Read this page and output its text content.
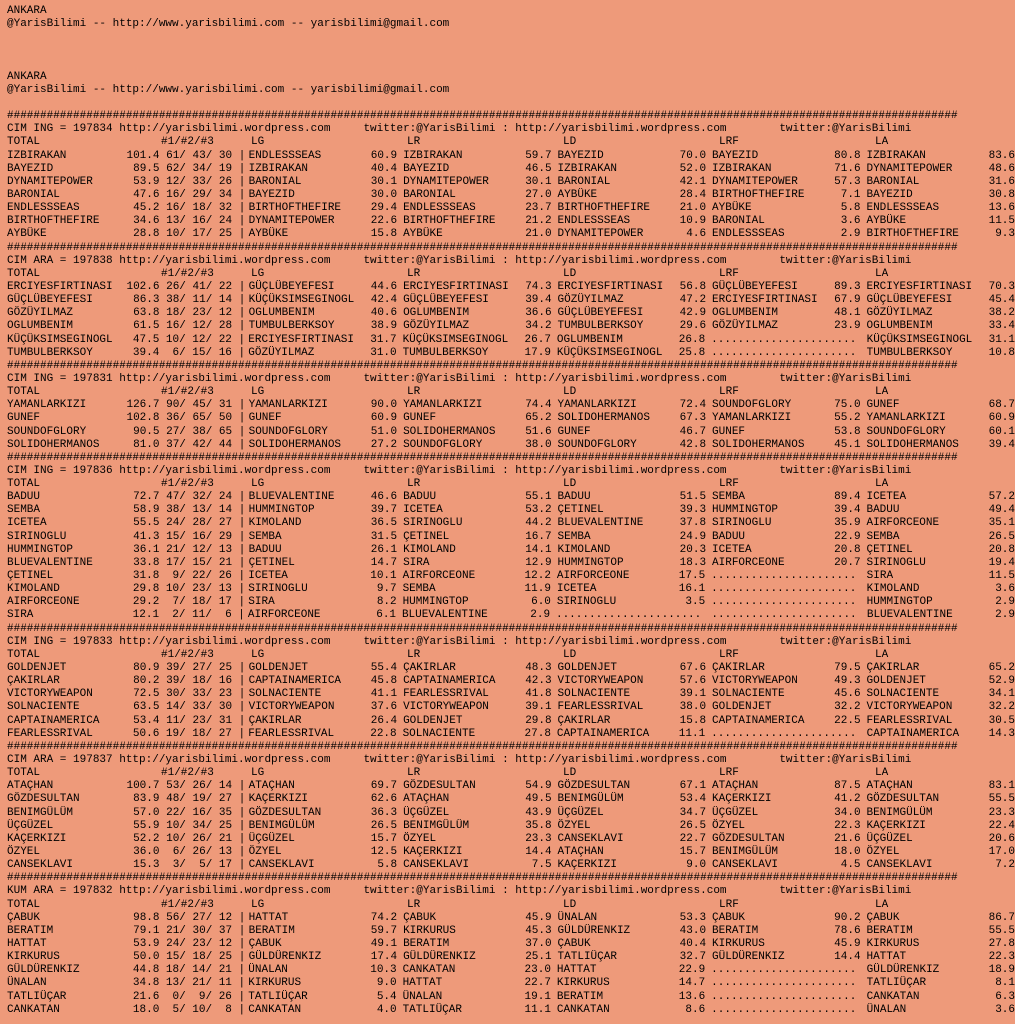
ANKARA
@YarisBilimi -- http://www.yarisbilimi.com -- yarisbilimi@gmail.com
ANKARA
@YarisBilimi -- http://www.yarisbilimi.com -- yarisbilimi@gmail.com
################################################################################################################################################
CIM ING = 197834 http://yarisbilimi.wordpress.com     twitter:@YarisBilimi : http://yarisbilimi.wordpress.com        twitter:@YarisBilimi
TOTAL	#1/#2/#3	LG	LR	LD	LRF	LA
IZBIRAKAN	101.4 61/ 43/ 30 | ENDLESSSEAS	60.9 IZBIRAKAN	59.7 BAYEZID	70.0 BAYEZID	80.8 IZBIRAKAN	83.6
BAYEZID	89.5 62/ 34/ 19 | IZBIRAKAN	40.4 BAYEZID	46.5 IZBIRAKAN	52.0 IZBIRAKAN	71.6 DYNAMITEPOWER	48.6
DYNAMITEPOWER	53.9 12/ 33/ 26 | BARONIAL	30.1 DYNAMITEPOWER	30.1 BARONIAL	42.1 DYNAMITEPOWER	57.3 BARONIAL	31.6
BARONIAL	47.6 16/ 29/ 34 | BAYEZID	30.0 BARONIAL	27.0 AYBÜKE	28.4 BIRTHOFTHEFIRE	7.1 BAYEZID	30.8
ENDLESSSEAS	45.2 16/ 18/ 32 | BIRTHOFTHEFIRE	29.4 ENDLESSSEAS	23.7 BIRTHOFTHEFIRE	21.0 AYBÜKE	5.8 ENDLESSSEAS	13.6
BIRTHOFTHEFIRE	34.6 13/ 16/ 24 | DYNAMITEPOWER	22.6 BIRTHOFTHEFIRE	21.2 ENDLESSSEAS	10.9 BARONIAL	3.6 AYBÜKE	11.5
AYBÜKE	28.8 10/ 17/ 25 | AYBÜKE	15.8 AYBÜKE	21.0 DYNAMITEPOWER	4.6 ENDLESSSEAS	2.9 BIRTHOFTHEFIRE	9.3
################################################################################################################################################
CIM ARA = 197838 http://yarisbilimi.wordpress.com     twitter:@YarisBilimi : http://yarisbilimi.wordpress.com        twitter:@YarisBilimi
TOTAL	#1/#2/#3	LG	LR	LD	LRF	LA
ERCIYESFIRTINASI	102.6 26/ 41/ 22 | GÜÇLÜBEYEFESI	44.6 ERCIYESFIRTINASI	74.3 ERCIYESFIRTINASI	56.8 GÜÇLÜBEYEFESI	89.3 ERCIYESFIRTINASI	70.3
GÜÇLÜBEYEFESI	86.3 38/ 11/ 14 | KÜÇÜKSIMSEGINOGL	42.4 GÜÇLÜBEYEFESI	39.4 GÖZÜYILMAZ	47.2 ERCIYESFIRTINASI	67.9 GÜÇLÜBEYEFESI	45.4
GÖZÜYILMAZ	63.8 18/ 23/ 12 | OGLUMBENIM	40.6 OGLUMBENIM	36.6 GÜÇLÜBEYEFESI	42.9 OGLUMBENIM	48.1 GÖZÜYILMAZ	38.2
OGLUMBENIM	61.5 16/ 12/ 28 | TUMBULBERKSOY	38.9 GÖZÜYILMAZ	34.2 TUMBULBERKSOY	29.6 GÖZÜYILMAZ	23.9 OGLUMBENIM	33.4
KÜÇÜKSIMSEGINOGL	47.5 10/ 12/ 22 | ERCIYESFIRTINASI	31.7 KÜÇÜKSIMSEGINOGL	26.7 OGLUMBENIM	26.8 ...................... KÜÇÜKSIMSEGINOGL	31.1
TUMBULBERKSOY	39.4 6/ 15/ 16 | GÖZÜYILMAZ	31.0 TUMBULBERKSOY	17.9 KÜÇÜKSIMSEGINOGL	25.8 ...................... TUMBULBERKSOY	10.8
################################################################################################################################################
CIM ING = 197831 http://yarisbilimi.wordpress.com     twitter:@YarisBilimi : http://yarisbilimi.wordpress.com        twitter:@YarisBilimi
TOTAL	#1/#2/#3	LG	LR	LD	LRF	LA
YAMANLARKIZI	126.7 90/ 45/ 31 | YAMANLARKIZI	90.0 YAMANLARKIZI	74.4 YAMANLARKIZI	72.4 SOUNDOFGLORY	75.0 GUNEF	68.7
GUNEF	102.8 36/ 65/ 50 | GUNEF	60.9 GUNEF	65.2 SOLIDOHERMANOS	67.3 YAMANLARKIZI	55.2 YAMANLARKIZI	60.9
SOUNDOFGLORY	90.5 27/ 38/ 65 | SOUNDOFGLORY	51.0 SOLIDOHERMANOS	51.6 GUNEF	46.7 GUNEF	53.8 SOUNDOFGLORY	60.1
SOLIDOHERMANOS	81.0 37/ 42/ 44 | SOLIDOHERMANOS	27.2 SOUNDOFGLORY	38.0 SOUNDOFGLORY	42.8 SOLIDOHERMANOS	45.1 SOLIDOHERMANOS	39.4
################################################################################################################################################
CIM ING = 197836 http://yarisbilimi.wordpress.com     twitter:@YarisBilimi : http://yarisbilimi.wordpress.com        twitter:@YarisBilimi
TOTAL	#1/#2/#3	LG	LR	LD	LRF	LA
BADUU	72.7 47/ 32/ 24 | BLUEVALENTINE	46.6 BADUU	55.1 BADUU	51.5 SEMBA	89.4 ICETEA	57.2
SEMBA	58.9 38/ 13/ 14 | HUMMINGTOP	39.7 ICETEA	53.2 ÇETINEL	39.3 HUMMINGTOP	39.4 BADUU	49.4
ICETEA	55.5 24/ 28/ 27 | KIMOLAND	36.5 SIRINOGLU	44.2 BLUEVALENTINE	37.8 SIRINOGLU	35.9 AIRFORCEONE	35.1
SIRINOGLU	41.3 15/ 16/ 29 | SEMBA	31.5 ÇETINEL	16.7 SEMBA	24.9 BADUU	22.9 SEMBA	26.5
HUMMINGTOP	36.1 21/ 12/ 13 | BADUU	26.1 KIMOLAND	14.1 KIMOLAND	20.3 ICETEA	20.8 ÇETINEL	20.8
BLUEVALENTINE	33.8 17/ 15/ 21 | ÇETINEL	14.7 SIRA	12.9 HUMMINGTOP	18.3 AIRFORCEONE	20.7 SIRINOGLU	19.4
ÇETINEL	31.8 9/ 22/ 26 | ICETEA	10.1 AIRFORCEONE	12.2 AIRFORCEONE	17.5 ...................... SIRA	11.5
KIMOLAND	29.8 10/ 23/ 13 | SIRINOGLU	9.7 SEMBA	11.9 ICETEA	16.1 ...................... KIMOLAND	3.6
AIRFORCEONE	29.2 7/ 18/ 17 | SIRA	8.2 HUMMINGTOP	6.0 SIRINOGLU	3.5 ...................... HUMMINGTOP	2.9
SIRA	12.1 2/ 11/  6 | AIRFORCEONE	6.1 BLUEVALENTINE	2.9 ...................... ...................... BLUEVALENTINE	2.9
################################################################################################################################################
CIM ING = 197833 http://yarisbilimi.wordpress.com     twitter:@YarisBilimi : http://yarisbilimi.wordpress.com        twitter:@YarisBilimi
TOTAL	#1/#2/#3	LG	LR	LD	LRF	LA
GOLDENJET	80.9 39/ 27/ 25 | GOLDENJET	55.4 ÇAKIRLAR	48.3 GOLDENJET	67.6 ÇAKIRLAR	79.5 ÇAKIRLAR	65.2
ÇAKIRLAR	80.2 39/ 18/ 16 | CAPTAINAMERICA	45.8 CAPTAINAMERICA	42.3 VICTORYWEAPON	57.6 VICTORYWEAPON	49.3 GOLDENJET	52.9
VICTORYWEAPON	72.5 30/ 33/ 23 | SOLNACIENTE	41.1 FEARLESSRIVAL	41.8 SOLNACIENTE	39.1 SOLNACIENTE	45.6 SOLNACIENTE	34.1
SOLNACIENTE	63.5 14/ 33/ 30 | VICTORYWEAPON	37.6 VICTORYWEAPON	39.1 FEARLESSRIVAL	38.0 GOLDENJET	32.2 VICTORYWEAPON	32.2
CAPTAINAMERICA	53.4 11/ 23/ 31 | ÇAKIRLAR	26.4 GOLDENJET	29.8 ÇAKIRLAR	15.8 CAPTAINAMERICA	22.5 FEARLESSRIVAL	30.5
FEARLESSRIVAL	50.6 19/ 18/ 27 | FEARLESSRIVAL	22.8 SOLNACIENTE	27.8 CAPTAINAMERICA	11.1 ...................... CAPTAINAMERICA	14.3
################################################################################################################################################
CIM ARA = 197837 http://yarisbilimi.wordpress.com     twitter:@YarisBilimi : http://yarisbilimi.wordpress.com        twitter:@YarisBilimi
TOTAL	#1/#2/#3	LG	LR	LD	LRF	LA
ATAÇHAN	100.7 53/ 26/ 14 | ATAÇHAN	69.7 GÖZDESULTAN	54.9 GÖZDESULTAN	67.1 ATAÇHAN	87.5 ATAÇHAN	83.1
GÖZDESULTAN	83.9 48/ 19/ 27 | KAÇERKIZI	62.6 ATAÇHAN	49.5 BENIMGÜLÜM	53.4 KAÇERKIZI	41.2 GÖZDESULTAN	55.5
BENIMGÜLÜM	57.0 22/ 16/ 35 | GÖZDESULTAN	36.3 ÜÇGÜZEL	43.9 ÜÇGÜZEL	34.7 ÜÇGÜZEL	34.0 BENIMGÜLÜM	23.3
ÜÇGÜZEL	55.9 10/ 34/ 25 | BENIMGÜLÜM	26.5 BENIMGÜLÜM	35.8 ÖZYEL	26.5 ÖZYEL	22.3 KAÇERKIZI	22.4
KAÇERKIZI	52.2 10/ 26/ 21 | ÜÇGÜZEL	15.7 ÖZYEL	23.3 CANSEKLAVI	22.7 GÖZDESULTAN	21.6 ÜÇGÜZEL	20.6
ÖZYEL	36.0 6/ 26/ 13 | ÖZYEL	12.5 KAÇERKIZI	14.4 ATAÇHAN	15.7 BENIMGÜLÜM	18.0 ÖZYEL	17.0
CANSEKLAVI	15.3 3/  5/ 17 | CANSEKLAVI	5.8 CANSEKLAVI	7.5 KAÇERKIZI	9.0 CANSEKLAVI	4.5 CANSEKLAVI	7.2
################################################################################################################################################
KUM ARA = 197832 http://yarisbilimi.wordpress.com     twitter:@YarisBilimi : http://yarisbilimi.wordpress.com        twitter:@YarisBilimi
TOTAL	#1/#2/#3	LG	LR	LD	LRF	LA
ÇABUK	98.8 56/ 27/ 12 | HATTAT	74.2 ÇABUK	45.9 ÜNALAN	53.3 ÇABUK	90.2 ÇABUK	86.7
BERATIM	79.1 21/ 30/ 37 | BERATIM	59.7 KIRKURUS	45.3 GÜLDÜRENKIZ	43.0 BERATIM	78.6 BERATIM	55.5
HATTAT	53.9 24/ 23/ 12 | ÇABUK	49.1 BERATIM	37.0 ÇABUK	40.4 KIRKURUS	45.9 KIRKURUS	27.8
KIRKURUS	50.0 15/ 18/ 25 | GÜLDÜRENKIZ	17.4 GÜLDÜRENKIZ	25.1 TATLIÜÇAR	32.7 GÜLDÜRENKIZ	14.4 HATTAT	22.3
GÜLDÜRENKIZ	44.8 18/ 14/ 21 | ÜNALAN	10.3 CANKATAN	23.0 HATTAT	22.9 ...................... GÜLDÜRENKIZ	18.9
ÜNALAN	34.8 13/ 21/ 11 | KIRKURUS	9.0 HATTAT	22.7 KIRKURUS	14.7 ...................... TATLIÜÇAR	8.1
TATLIÜÇAR	21.6 0/  9/ 26 | TATLIÜÇAR	5.4 ÜNALAN	19.1 BERATIM	13.6 ...................... CANKATAN	6.3
CANKATAN	18.0 5/ 10/  8 | CANKATAN	4.0 TATLIÜÇAR	11.1 CANKATAN	8.6 ...................... ÜNALAN	3.6
